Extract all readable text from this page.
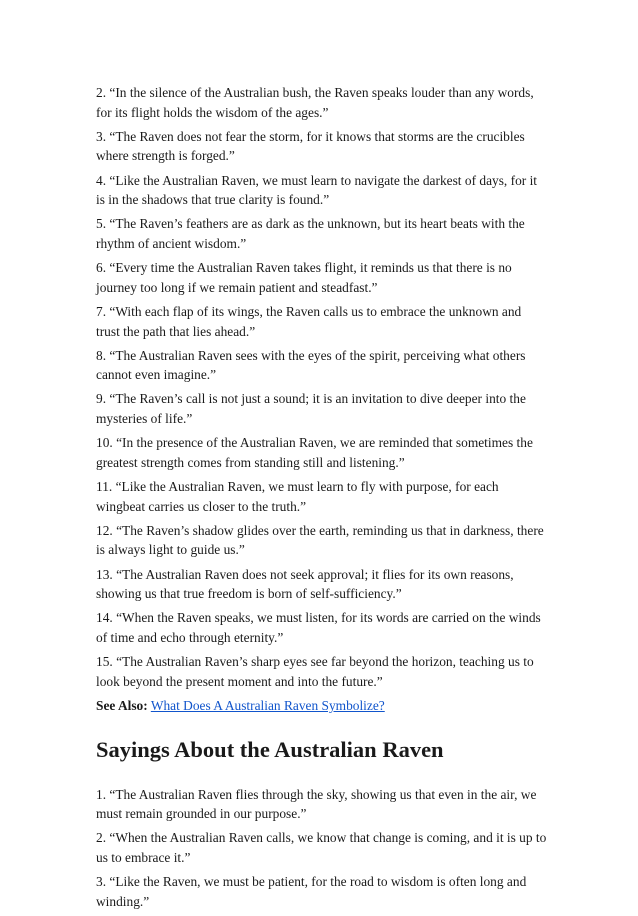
2. “In the silence of the Australian bush, the Raven speaks louder than any words, for its flight holds the wisdom of the ages.”

3. “The Raven does not fear the storm, for it knows that storms are the crucibles where strength is forged.”

4. “Like the Australian Raven, we must learn to navigate the darkest of days, for it is in the shadows that true clarity is found.”

5. “The Raven’s feathers are as dark as the unknown, but its heart beats with the rhythm of ancient wisdom.”

6. “Every time the Australian Raven takes flight, it reminds us that there is no journey too long if we remain patient and steadfast.”

7. “With each flap of its wings, the Raven calls us to embrace the unknown and trust the path that lies ahead.”

8. “The Australian Raven sees with the eyes of the spirit, perceiving what others cannot even imagine.”

9. “The Raven’s call is not just a sound; it is an invitation to dive deeper into the mysteries of life.”

10. “In the presence of the Australian Raven, we are reminded that sometimes the greatest strength comes from standing still and listening.”

11. “Like the Australian Raven, we must learn to fly with purpose, for each wingbeat carries us closer to the truth.”

12. “The Raven’s shadow glides over the earth, reminding us that in darkness, there is always light to guide us.”

13. “The Australian Raven does not seek approval; it flies for its own reasons, showing us that true freedom is born of self-sufficiency.”

14. “When the Raven speaks, we must listen, for its words are carried on the winds of time and echo through eternity.”

15. “The Australian Raven’s sharp eyes see far beyond the horizon, teaching us to look beyond the present moment and into the future.”

See Also: What Does A Australian Raven Symbolize?

Sayings About the Australian Raven

1. “The Australian Raven flies through the sky, showing us that even in the air, we must remain grounded in our purpose.”

2. “When the Australian Raven calls, we know that change is coming, and it is up to us to embrace it.”

3. “Like the Raven, we must be patient, for the road to wisdom is often long and winding.”
